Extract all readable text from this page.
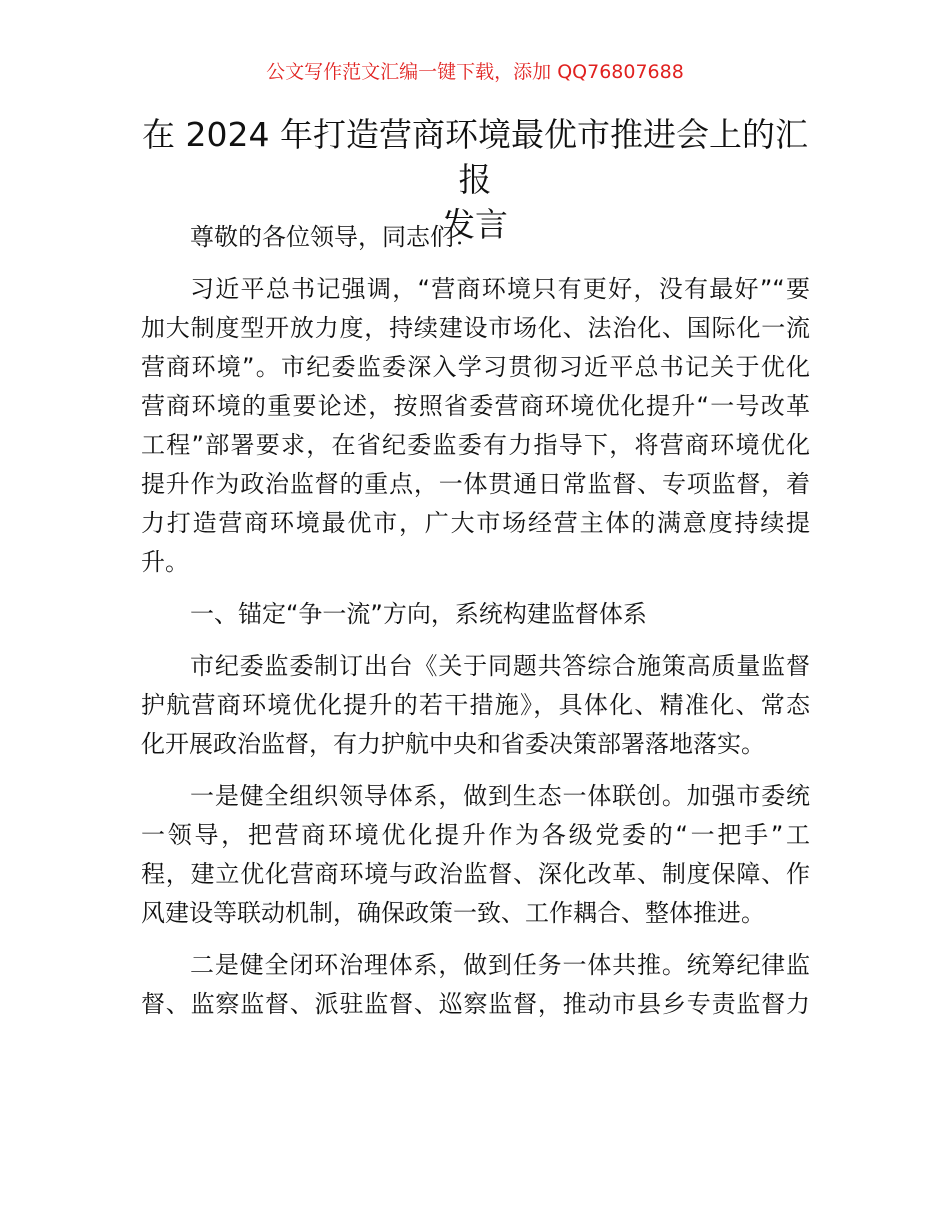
公文写作范文汇编一键下载，添加 QQ76807688
在 2024 年打造营商环境最优市推进会上的汇报
发言
尊敬的各位领导，同志们：
习近平总书记强调，“营商环境只有更好，没有最好”“要
加大制度型开放力度，持续建设市场化、法治化、国际化一流
营商环境”。市纪委监委深入学习贯彻习近平总书记关于优化
营商环境的重要论述，按照省委营商环境优化提升“一号改革
工程”部署要求，在省纪委监委有力指导下，将营商环境优化
提升作为政治监督的重点，一体贯通日常监督、专项监督，着
力打造营商环境最优市，广大市场经营主体的满意度持续提
升。
一、锚定“争一流”方向，系统构建监督体系
市纪委监委制订出台《关于同题共答综合施策高质量监督
护航营商环境优化提升的若干措施》，具体化、精准化、常态
化开展政治监督，有力护航中央和省委决策部署落地落实。
一是健全组织领导体系，做到生态一体联创。加强市委统
一领导，把营商环境优化提升作为各级党委的“一把手”工
程，建立优化营商环境与政治监督、深化改革、制度保障、作
风建设等联动机制，确保政策一致、工作耦合、整体推进。
二是健全闭环治理体系，做到任务一体共推。统筹纪律监
督、监察监督、派驻监督、巡察监督，推动市县乡专责监督力
